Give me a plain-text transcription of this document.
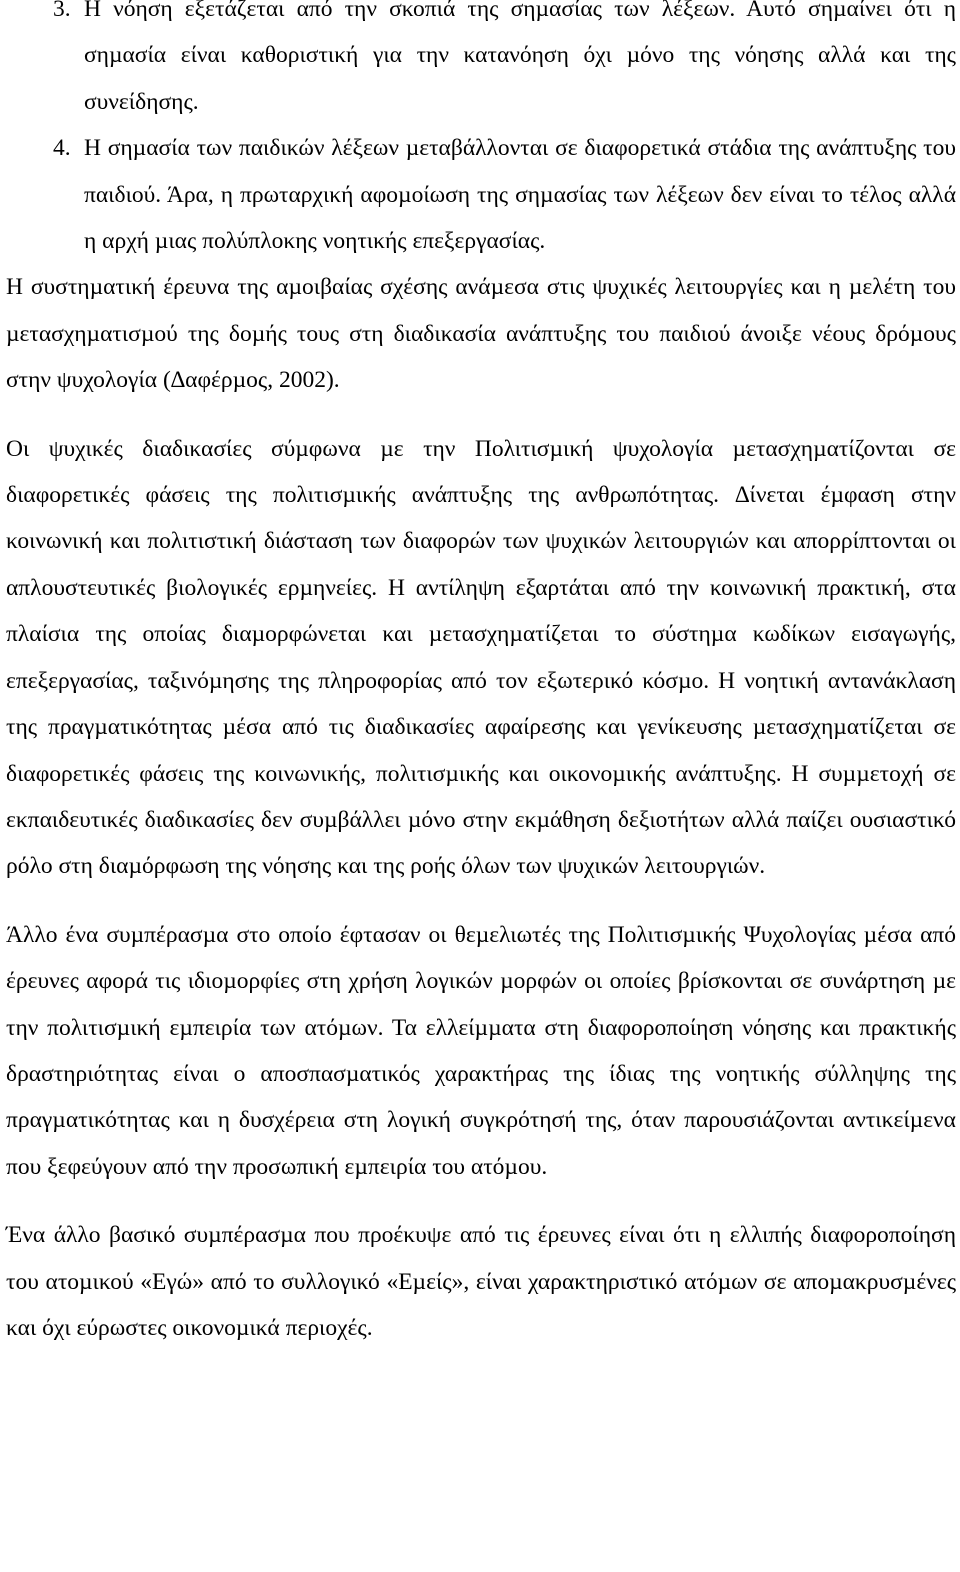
3. Η νόηση εξετάζεται από την σκοπιά της σηµασίας των λέξεων. Αυτό σηµαίνει ότι η σηµασία είναι καθοριστική για την κατανόηση όχι µόνο της νόησης αλλά και της συνείδησης.
4. Η σηµασία των παιδικών λέξεων µεταβάλλονται σε διαφορετικά στάδια της ανάπτυξης του παιδιού. Άρα, η πρωταρχική αφοµοίωση της σηµασίας των λέξεων δεν είναι το τέλος αλλά η αρχή µιας πολύπλοκης νοητικής επεξεργασίας.

Η συστηµατική έρευνα της αµοιβαίας σχέσης ανάµεσα στις ψυχικές λειτουργίες και η µελέτη του µετασχηµατισµού της δοµής τους στη διαδικασία ανάπτυξης του παιδιού άνοιξε νέους δρόµους στην ψυχολογία (∆αφέρµος, 2002).

Οι ψυχικές διαδικασίες σύµφωνα µε την Πολιτισµική ψυχολογία µετασχηµατίζονται σε διαφορετικές φάσεις της πολιτισµικής ανάπτυξης της ανθρωπότητας. ∆ίνεται έµφαση στην κοινωνική και πολιτιστική διάσταση των διαφορών των ψυχικών λειτουργιών και απορρίπτονται οι απλουστευτικές βιολογικές ερµηνείες. Η αντίληψη εξαρτάται από την κοινωνική πρακτική, στα πλαίσια της οποίας διαµορφώνεται και µετασχηµατίζεται το σύστηµα κωδίκων εισαγωγής, επεξεργασίας, ταξινόµησης της πληροφορίας από τον εξωτερικό κόσµο. Η νοητική αντανάκλαση της πραγµατικότητας µέσα από τις διαδικασίες αφαίρεσης και γενίκευσης µετασχηµατίζεται σε διαφορετικές φάσεις της κοινωνικής, πολιτισµικής και οικονοµικής ανάπτυξης. Η συµµετοχή σε εκπαιδευτικές διαδικασίες δεν συµβάλλει µόνο στην εκµάθηση δεξιοτήτων αλλά παίζει ουσιαστικό ρόλο στη διαµόρφωση της νόησης και της ροής όλων των ψυχικών λειτουργιών.

Άλλο ένα συµπέρασµα στο οποίο έφτασαν οι θεµελιωτές της Πολιτισµικής Ψυχολογίας µέσα από έρευνες αφορά τις ιδιοµορφίες στη χρήση λογικών µορφών οι οποίες βρίσκονται σε συνάρτηση µε την πολιτισµική εµπειρία των ατόµων. Τα ελλείµµατα στη διαφοροποίηση νόησης και πρακτικής δραστηριότητας είναι ο αποσπασµατικός χαρακτήρας της ίδιας της νοητικής σύλληψης της πραγµατικότητας και η δυσχέρεια στη λογική συγκρότησή της, όταν παρουσιάζονται αντικείµενα που ξεφεύγουν από την προσωπική εµπειρία του ατόµου.

Ένα άλλο βασικό συµπέρασµα που προέκυψε από τις έρευνες είναι ότι η ελλιπής διαφοροποίηση του ατοµικού «Εγώ» από το συλλογικό «Εµείς», είναι χαρακτηριστικό ατόµων σε αποµακρυσµένες και όχι εύρωστες οικονοµικά περιοχές.
